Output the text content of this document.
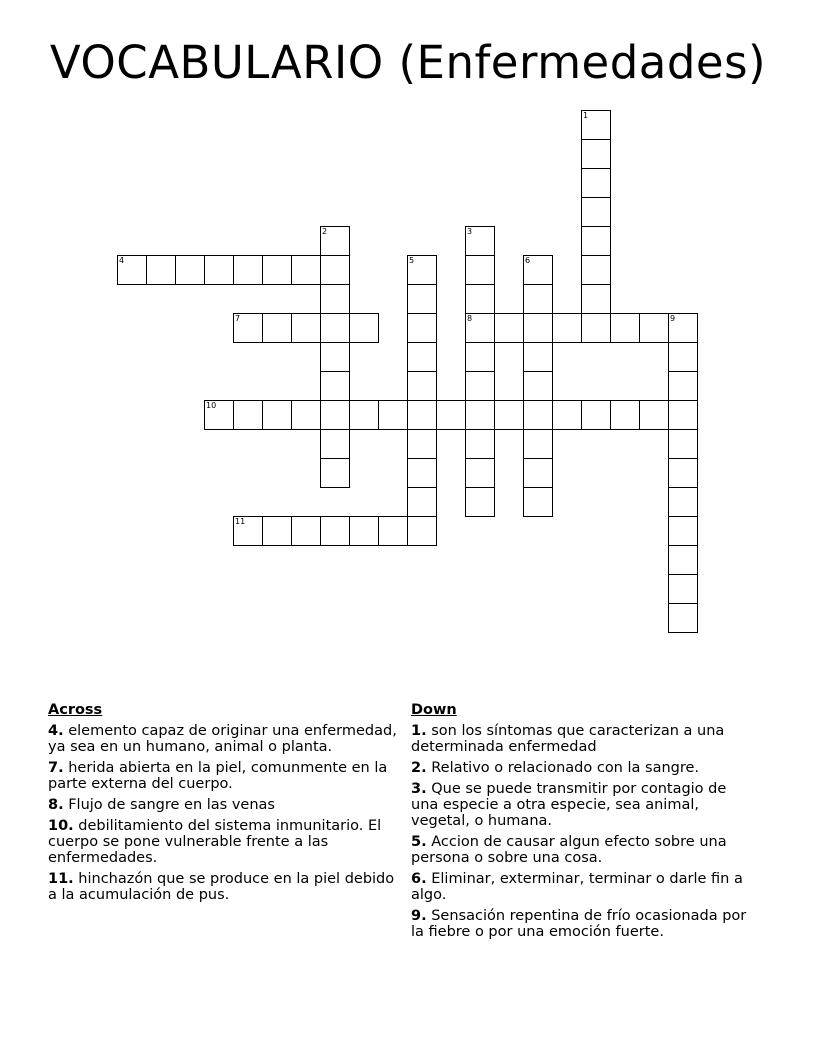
VOCABULARIO (Enfermedades)
1
2	3
8
4	5	6
7	9
10
11
Across
4. elemento capaz de originar una enfermedad, ya sea en un humano, animal o planta.
7. herida abierta en la piel, comunmente en la parte externa del cuerpo.
8. Flujo de sangre en las venas
10. debilitamiento del sistema inmunitario. El cuerpo se pone vulnerable frente a las enfermedades.
11. hinchazón que se produce en la piel debido a la acumulación de pus.
Down
1. son los síntomas que caracterizan a una determinada enfermedad
2. Relativo o relacionado con la sangre.
3. Que se puede transmitir por contagio de una especie a otra especie, sea animal, vegetal, o humana.
5. Accion de causar algun efecto sobre una persona o sobre una cosa.
6. Eliminar, exterminar, terminar o darle fin a algo.
9. Sensación repentina de frío ocasionada por la fiebre o por una emoción fuerte.
